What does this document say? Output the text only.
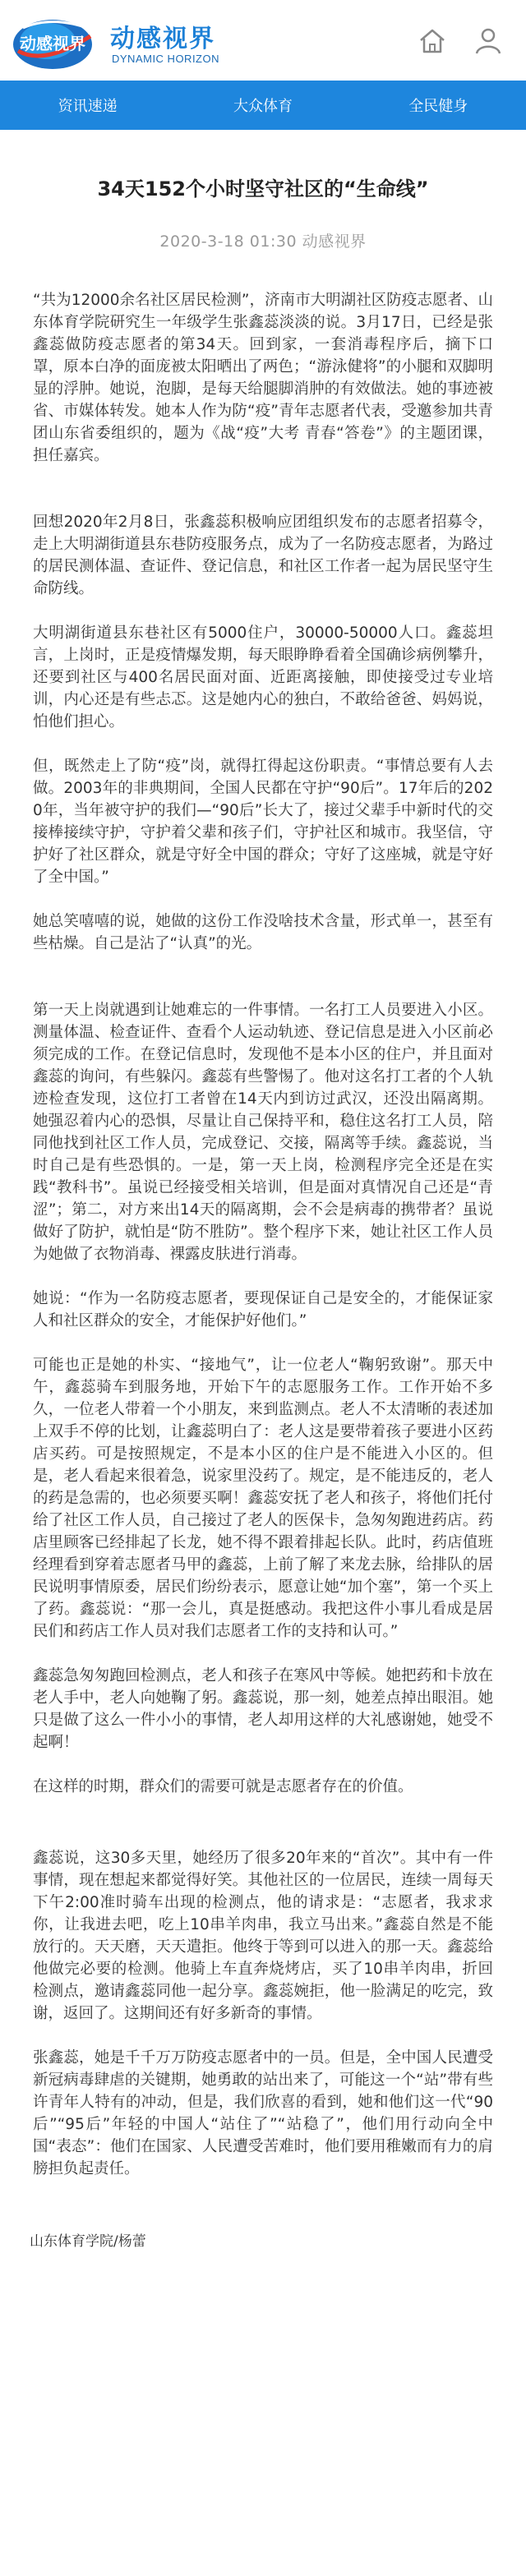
动感视界 动感视界
DYNAMIC HORIZON
资讯速递	大众体育	全民健身
34天152个小时坚守社区的“生命线”
2020-3-18 01:30 动感视界

“共为12000余名社区居民检测”，济南市大明湖社区防疫志愿者、山东体育学院研究生一年级学生张鑫蕊淡淡的说。3月17日，已经是张鑫蕊做防疫志愿者的第34天。回到家，一套消毒程序后，摘下口罩，原本白净的面庞被太阳晒出了两色；“游泳健将”的小腿和双脚明显的浮肿。她说，泡脚，是每天给腿脚消肿的有效做法。她的事迹被省、市媒体转发。她本人作为防“疫”青年志愿者代表，受邀参加共青团山东省委组织的，题为《战“疫”大考 青春“答卷”》的主题团课，担任嘉宾。

回想2020年2月8日，张鑫蕊积极响应团组织发布的志愿者招募令，走上大明湖街道县东巷防疫服务点，成为了一名防疫志愿者，为路过的居民测体温、查证件、登记信息，和社区工作者一起为居民坚守生命防线。

大明湖街道县东巷社区有5000住户，30000-50000人口。鑫蕊坦言，上岗时，正是疫情爆发期，每天眼睁睁看着全国确诊病例攀升，还要到社区与400名居民面对面、近距离接触，即使接受过专业培训，内心还是有些忐忑。这是她内心的独白，不敢给爸爸、妈妈说，怕他们担心。

但，既然走上了防“疫”岗，就得扛得起这份职责。“事情总要有人去做。2003年的非典期间，全国人民都在守护“90后”。17年后的2020年，当年被守护的我们—“90后”长大了，接过父辈手中新时代的交接棒接续守护，守护着父辈和孩子们，守护社区和城市。我坚信，守护好了社区群众，就是守好全中国的群众；守好了这座城，就是守好了全中国。”

她总笑嘻嘻的说，她做的这份工作没啥技术含量，形式单一，甚至有些枯燥。自己是沾了“认真”的光。

第一天上岗就遇到让她难忘的一件事情。一名打工人员要进入小区。测量体温、检查证件、查看个人运动轨迹、登记信息是进入小区前必须完成的工作。在登记信息时，发现他不是本小区的住户，并且面对鑫蕊的询问，有些躲闪。鑫蕊有些警惕了。他对这名打工者的个人轨迹检查发现，这位打工者曾在14天内到访过武汉，还没出隔离期。她强忍着内心的恐惧，尽量让自己保持平和，稳住这名打工人员，陪同他找到社区工作人员，完成登记、交接，隔离等手续。鑫蕊说，当时自己是有些恐惧的。一是，第一天上岗，检测程序完全还是在实践“教科书”。虽说已经接受相关培训，但是面对真情况自己还是“青涩”；第二，对方来出14天的隔离期，会不会是病毒的携带者？虽说做好了防护，就怕是“防不胜防”。整个程序下来，她让社区工作人员为她做了衣物消毒、裸露皮肤进行消毒。

她说：“作为一名防疫志愿者，要现保证自己是安全的，才能保证家人和社区群众的安全，才能保护好他们。”

可能也正是她的朴实、“接地气”，让一位老人“鞠躬致谢”。那天中午，鑫蕊骑车到服务地，开始下午的志愿服务工作。工作开始不多久，一位老人带着一个小朋友，来到监测点。老人不太清晰的表述加上双手不停的比划，让鑫蕊明白了：老人这是要带着孩子要进小区药店买药。可是按照规定，不是本小区的住户是不能进入小区的。但是，老人看起来很着急，说家里没药了。规定，是不能违反的，老人的药是急需的，也必须要买啊！鑫蕊安抚了老人和孩子，将他们托付给了社区工作人员，自己接过了老人的医保卡，急匆匆跑进药店。药店里顾客已经排起了长龙，她不得不跟着排起长队。此时，药店值班经理看到穿着志愿者马甲的鑫蕊，上前了解了来龙去脉，给排队的居民说明事情原委，居民们纷纷表示，愿意让她“加个塞”，第一个买上了药。鑫蕊说：“那一会儿，真是挺感动。我把这件小事儿看成是居民们和药店工作人员对我们志愿者工作的支持和认可。”

鑫蕊急匆匆跑回检测点，老人和孩子在寒风中等候。她把药和卡放在老人手中，老人向她鞠了躬。鑫蕊说，那一刻，她差点掉出眼泪。她只是做了这么一件小小的事情，老人却用这样的大礼感谢她，她受不起啊！

在这样的时期，群众们的需要可就是志愿者存在的价值。

鑫蕊说，这30多天里，她经历了很多20年来的“首次”。其中有一件事情，现在想起来都觉得好笑。其他社区的一位居民，连续一周每天下午2:00准时骑车出现的检测点，他的请求是：“志愿者，我求求你，让我进去吧，吃上10串羊肉串，我立马出来。”鑫蕊自然是不能放行的。天天磨，天天遣拒。他终于等到可以进入的那一天。鑫蕊给他做完必要的检测。他骑上车直奔烧烤店，买了10串羊肉串，折回检测点，邀请鑫蕊同他一起分享。鑫蕊婉拒，他一脸满足的吃完，致谢，返回了。这期间还有好多新奇的事情。

张鑫蕊，她是千千万万防疫志愿者中的一员。但是，全中国人民遭受新冠病毒肆虐的关键期，她勇敢的站出来了，可能这一个“站”带有些许青年人特有的冲动，但是，我们欣喜的看到，她和他们这一代“90后”“95后”年轻的中国人“站住了”“站稳了”，他们用行动向全中国“表态”：他们在国家、人民遭受苦难时，他们要用稚嫩而有力的肩膀担负起责任。

山东体育学院/杨蕾
